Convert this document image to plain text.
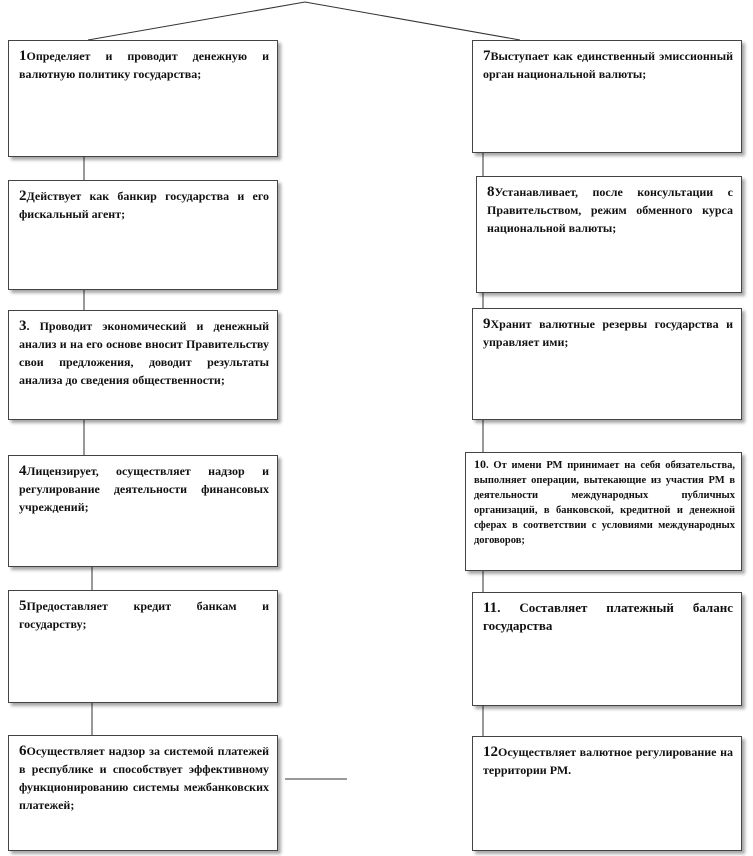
1Определяет и проводит денежную и валютную политику государства;
2Действует как банкир государства и его фискальный агент;
3. Проводит экономический и денежный анализ и на его основе вносит Правительству свои предложения, доводит результаты анализа до сведения общественности;
4Лицензирует, осуществляет надзор и регулирование деятельности финансовых учреждений;
5Предоставляет кредит банкам и государству;
6Осуществляет надзор за системой платежей в республике и способствует эффективному функционированию системы межбанковских платежей;
7Выступает как единственный эмиссионный орган национальной валюты;
8Устанавливает, после консультации с Правительством, режим обменного курса национальной валюты;
9Хранит валютные резервы государства и управляет ими;
10. От имени РМ принимает на себя обязательства, выполняет операции, вытекающие из участия РМ в деятельности международных публичных организаций, в банковской, кредитной и денежной сферах в соответствии с условиями международных договоров;
11. Составляет платежный баланс государства
12Осуществляет валютное регулирование на территории РМ.
